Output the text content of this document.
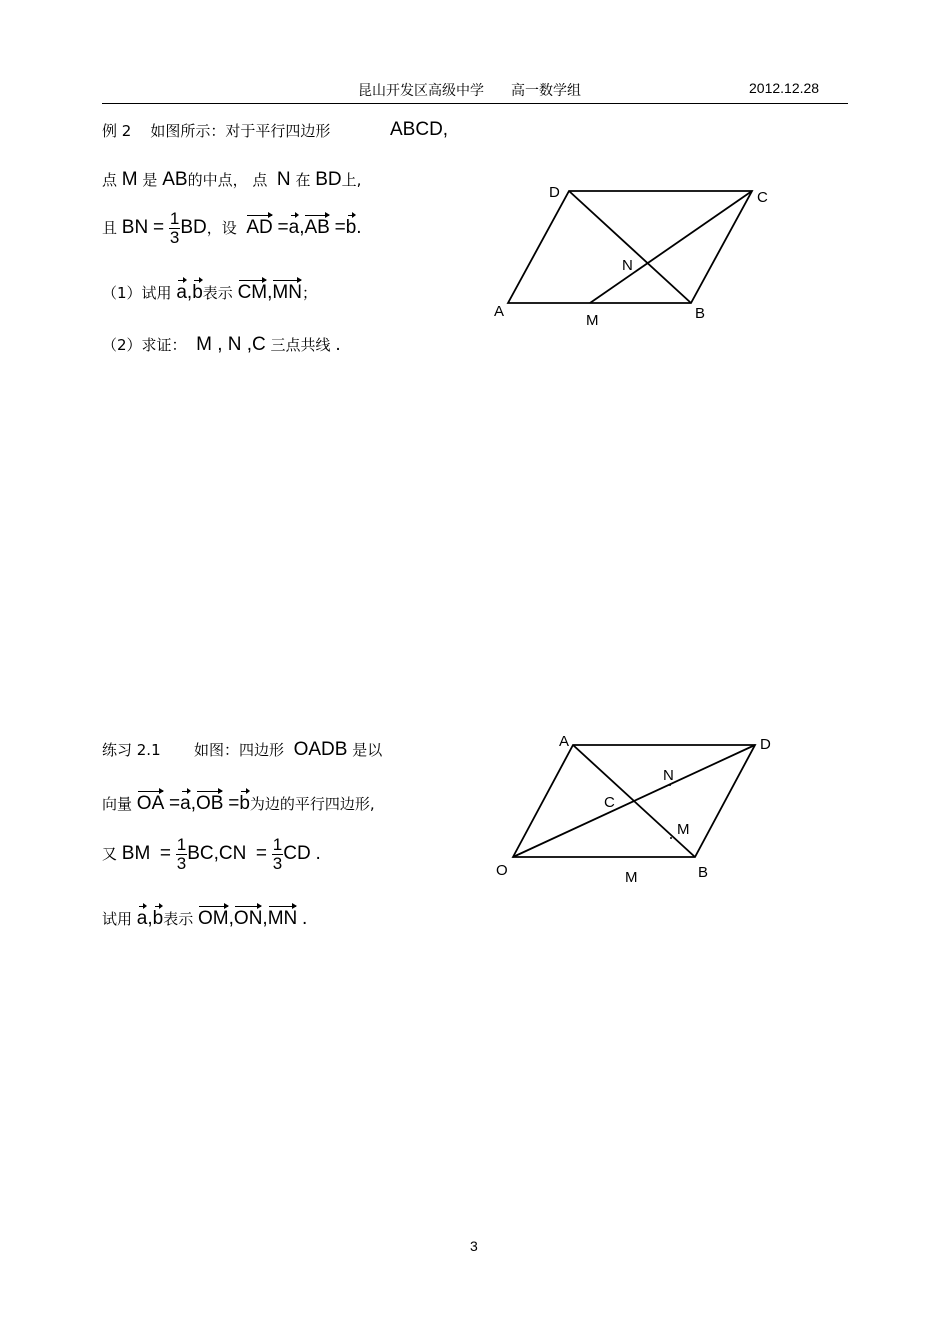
昆山开发区高级中学 高一数学组	2012.12.28
例 2 如图所示：对于平行四边形	ABCD,
点 M 是 AB的中点， 点 N 在 BD上,
且 BN = $\frac{1}{3}$ BD，设 AD =a,AB =b.
（1）试用 a,b表示 CM,MN；
（2）求证： M , N ,C 三点共线 .
D	C
N
A
M	B
练习 2.1 如图：四边形 OADB 是以
向量 OA =a,OB =b为边的平行四边形,
又 BM = $\frac{1}{3} BC,CN = \frac{1}{3}$ CD .
试用 a,b表示 OM,ON,MN .
A	D
N
C
M
O	M	B
3
